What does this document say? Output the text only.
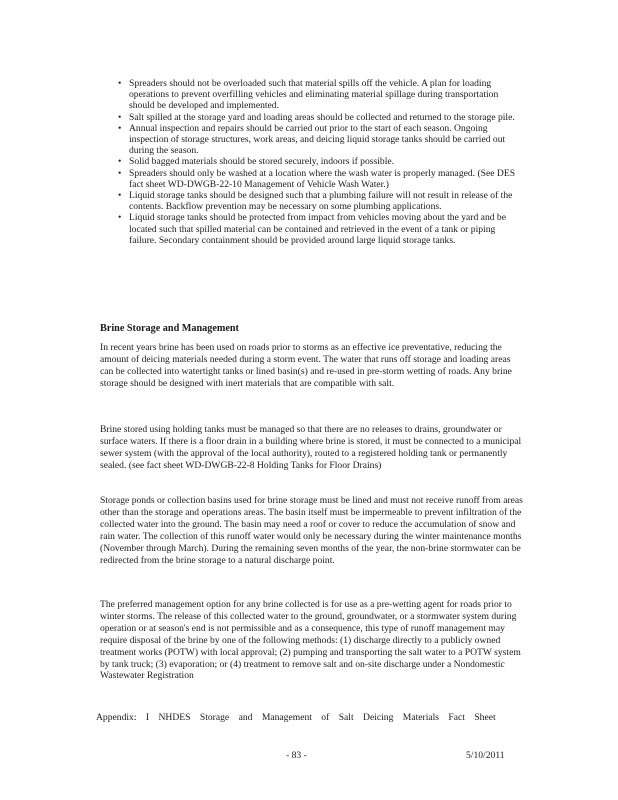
• Spreaders should not be overloaded such that material spills off the vehicle. A plan for loading operations to prevent overfilling vehicles and eliminating material spillage during transportation should be developed and implemented.
• Salt spilled at the storage yard and loading areas should be collected and returned to the storage pile.
• Annual inspection and repairs should be carried out prior to the start of each season. Ongoing inspection of storage structures, work areas, and deicing liquid storage tanks should be carried out during the season.
• Solid bagged materials should be stored securely, indoors if possible.
• Spreaders should only be washed at a location where the wash water is properly managed. (See DES fact sheet WD-DWGB-22-10 Management of Vehicle Wash Water.)
• Liquid storage tanks should be designed such that a plumbing failure will not result in release of the contents. Backflow prevention may be necessary on some plumbing applications.
• Liquid storage tanks should be protected from impact from vehicles moving about the yard and be located such that spilled material can be contained and retrieved in the event of a tank or piping failure. Secondary containment should be provided around large liquid storage tanks.
Brine Storage and Management

In recent years brine has been used on roads prior to storms as an effective ice preventative, reducing the amount of deicing materials needed during a storm event. The water that runs off storage and loading areas can be collected into watertight tanks or lined basin(s) and re-used in pre-storm wetting of roads. Any brine storage should be designed with inert materials that are compatible with salt.

Brine stored using holding tanks must be managed so that there are no releases to drains, groundwater or surface waters. If there is a floor drain in a building where brine is stored, it must be connected to a municipal sewer system (with the approval of the local authority), routed to a registered holding tank or permanently sealed. (see fact sheet WD-DWGB-22-8 Holding Tanks for Floor Drains)

Storage ponds or collection basins used for brine storage must be lined and must not receive runoff from areas other than the storage and operations areas. The basin itself must be impermeable to prevent infiltration of the collected water into the ground. The basin may need a roof or cover to reduce the accumulation of snow and rain water. The collection of this runoff water would only be necessary during the winter maintenance months (November through March). During the remaining seven months of the year, the non-brine stormwater can be redirected from the brine storage to a natural discharge point.

The preferred management option for any brine collected is for use as a pre-wetting agent for roads prior to winter storms. The release of this collected water to the ground, groundwater, or a stormwater system during operation or at season's end is not permissible and as a consequence, this type of runoff management may require disposal of the brine by one of the following methods: (1) discharge directly to a publicly owned treatment works (POTW) with local approval; (2) pumping and transporting the salt water to a POTW system by tank truck; (3) evaporation; or (4) treatment to remove salt and on-site discharge under a Nondomestic Wastewater Registration

Appendix: I NHDES Storage and Management of Salt Deicing Materials Fact Sheet
- 83 -	5/10/2011
